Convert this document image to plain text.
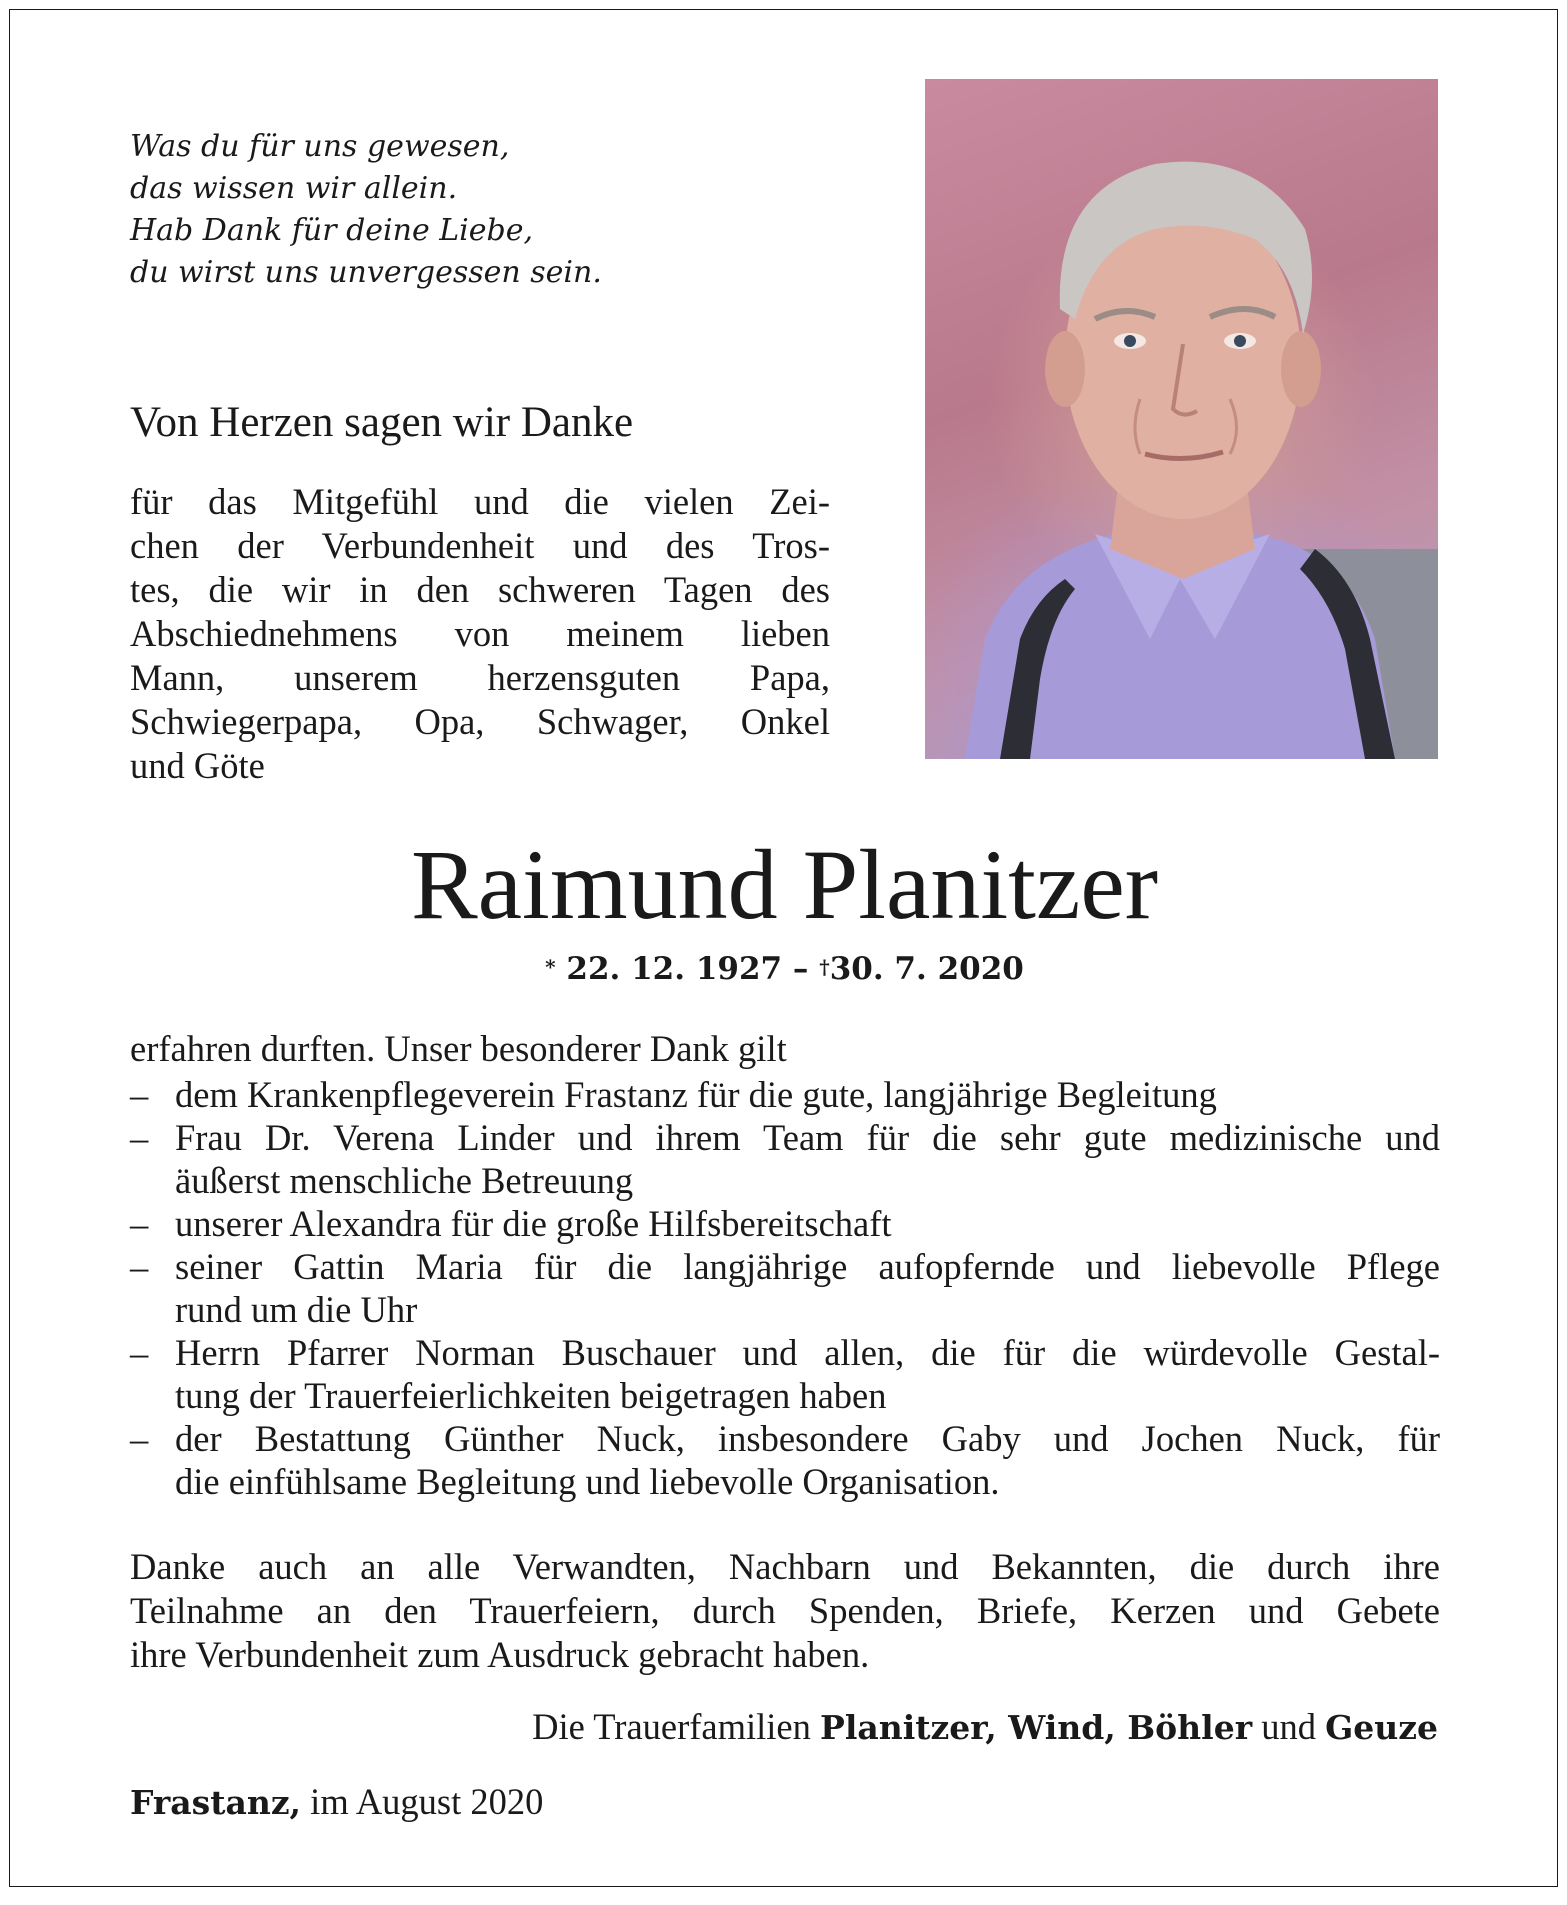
Was du für uns gewesen,
das wissen wir allein.
Hab Dank für deine Liebe,
du wirst uns unvergessen sein.
Von Herzen sagen wir Danke
für das Mitgefühl und die vielen Zei-
chen der Verbundenheit und des Tros-
tes, die wir in den schweren Tagen des
Abschiednehmens von meinem lieben
Mann, unserem herzensguten Papa,
Schwiegerpapa, Opa, Schwager, Onkel
und Göte
Raimund Planitzer
* 22. 12. 1927 – †30. 7. 2020
erfahren durften. Unser besonderer Dank gilt
– dem Krankenpflegeverein Frastanz für die gute, langjährige Begleitung
– Frau Dr. Verena Linder und ihrem Team für die sehr gute medizinische und
äußerst menschliche Betreuung
– unserer Alexandra für die große Hilfsbereitschaft
– seiner Gattin Maria für die langjährige aufopfernde und liebevolle Pflege
rund um die Uhr
– Herrn Pfarrer Norman Buschauer und allen, die für die würdevolle Gestal-
tung der Trauerfeierlichkeiten beigetragen haben
– der Bestattung Günther Nuck, insbesondere Gaby und Jochen Nuck, für
die einfühlsame Begleitung und liebevolle Organisation.
Danke auch an alle Verwandten, Nachbarn und Bekannten, die durch ihre
Teilnahme an den Trauerfeiern, durch Spenden, Briefe, Kerzen und Gebete
ihre Verbundenheit zum Ausdruck gebracht haben.
Die Trauerfamilien Planitzer, Wind, Böhler und Geuze
Frastanz, im August 2020
